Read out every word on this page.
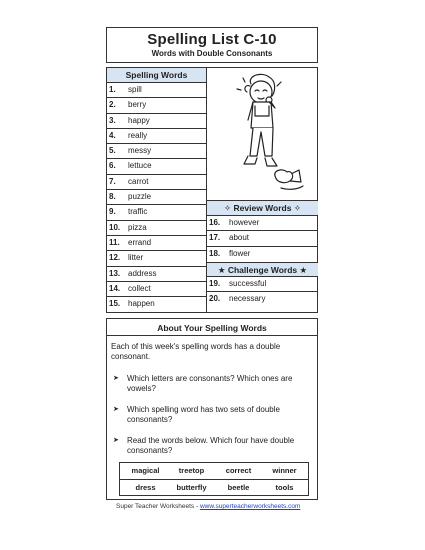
Spelling List C-10
Words with Double Consonants
Spelling Words
1. spill
2. berry
3. happy
4. really
5. messy
6. lettuce
7. carrot
8. puzzle
9. traffic
10. pizza
11. errand
12. litter
13. address
14. collect
15. happen
✧ Review Words ✧
16. however
17. about
18. flower
★ Challenge Words ★
19. successful
20. necessary
About Your Spelling Words
Each of this week's spelling words has a double consonant.
➤ Which letters are consonants? Which ones are vowels?
➤ Which spelling word has two sets of double consonants?
➤ Read the words below. Which four have double consonants?
magical	treetop	correct	winner
dress	butterfly	beetle	tools
Super Teacher Worksheets - www.superteacherworksheets.com
